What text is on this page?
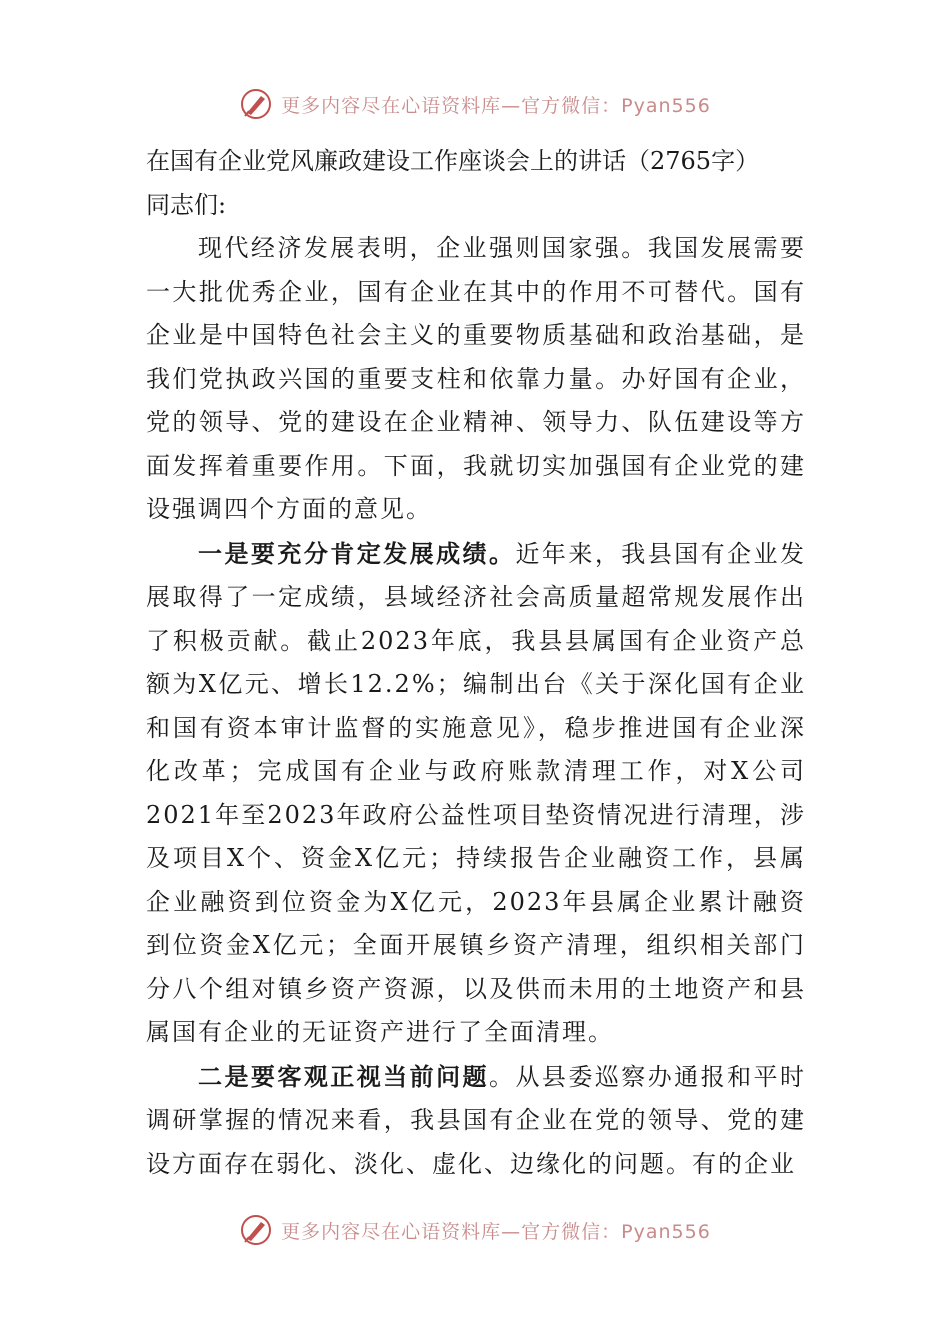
更多内容尽在心语资料库—官方微信：Pyan556

在国有企业党风廉政建设工作座谈会上的讲话（2765字）

同志们:

现代经济发展表明，企业强则国家强。我国发展需要一大批优秀企业，国有企业在其中的作用不可替代。国有企业是中国特色社会主义的重要物质基础和政治基础，是我们党执政兴国的重要支柱和依靠力量。办好国有企业，党的领导、党的建设在企业精神、领导力、队伍建设等方面发挥着重要作用。下面，我就切实加强国有企业党的建设强调四个方面的意见。

一是要充分肯定发展成绩。近年来，我县国有企业发展取得了一定成绩，县域经济社会高质量超常规发展作出了积极贡献。截止2023年底，我县县属国有企业资产总额为X亿元、增长12.2%；编制出台《关于深化国有企业和国有资本审计监督的实施意见》，稳步推进国有企业深化改革；完成国有企业与政府账款清理工作，对X公司2021年至2023年政府公益性项目垫资情况进行清理，涉及项目X个、资金X亿元；持续报告企业融资工作，县属企业融资到位资金为X亿元，2023年县属企业累计融资到位资金X亿元；全面开展镇乡资产清理，组织相关部门分八个组对镇乡资产资源，以及供而未用的土地资产和县属国有企业的无证资产进行了全面清理。

二是要客观正视当前问题。从县委巡察办通报和平时调研掌握的情况来看，我县国有企业在党的领导、党的建设方面存在弱化、淡化、虚化、边缘化的问题。有的企业

更多内容尽在心语资料库—官方微信：Pyan556
